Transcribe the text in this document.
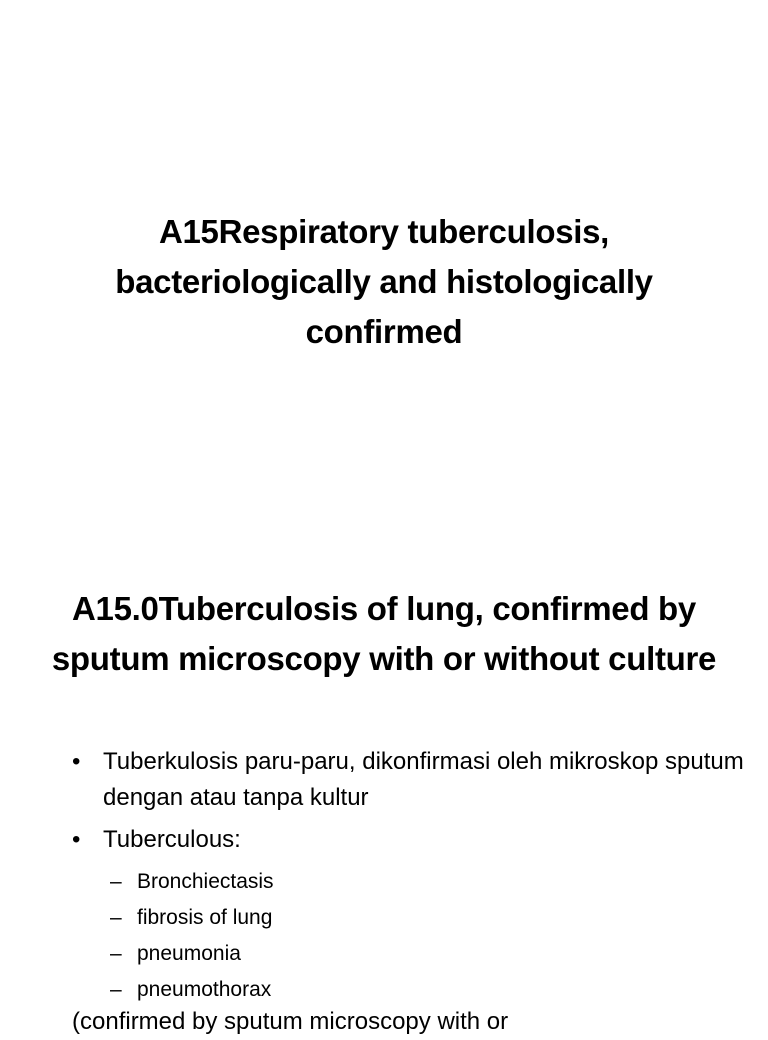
A15Respiratory tuberculosis, bacteriologically and histologically confirmed
A15.0Tuberculosis of lung, confirmed by sputum microscopy with or without culture
• Tuberkulosis paru-paru, dikonfirmasi oleh mikroskop sputum dengan atau tanpa kultur
• Tuberculous:
– Bronchiectasis
– fibrosis of lung
– pneumonia
– pneumothorax
(confirmed by sputum microscopy with or
